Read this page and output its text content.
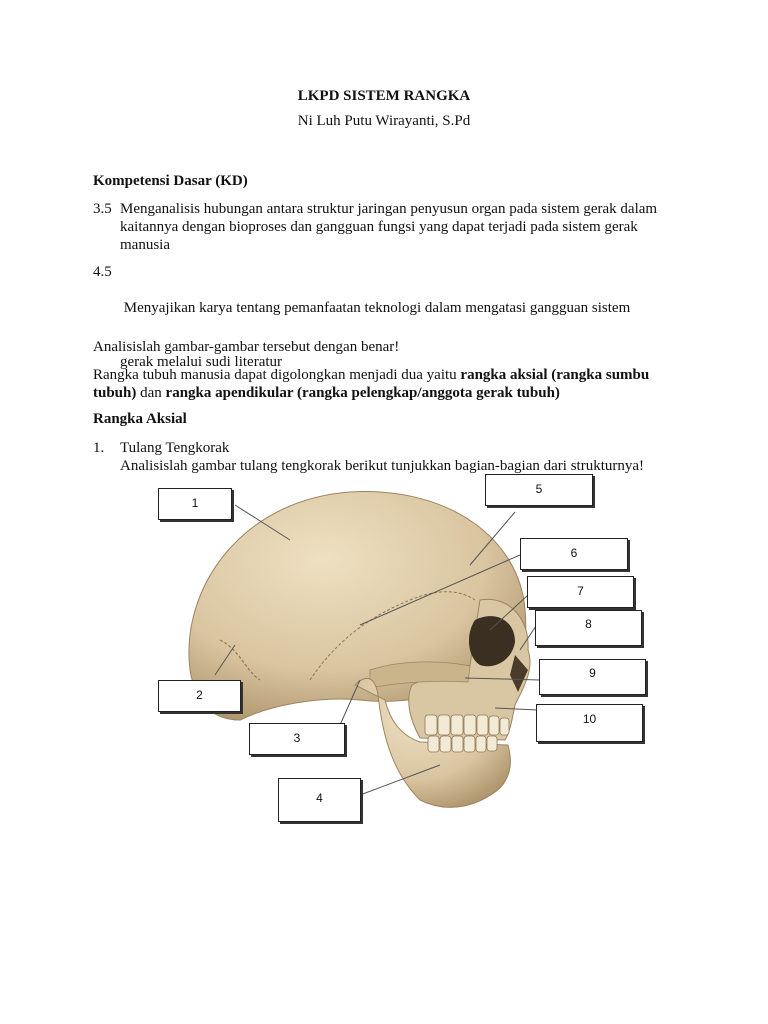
LKPD SISTEM RANGKA
Ni Luh Putu Wirayanti, S.Pd
Kompetensi Dasar (KD)
3.5 Menganalisis hubungan antara struktur jaringan penyusun organ pada sistem gerak dalam
kaitannya dengan bioproses dan gangguan fungsi yang dapat terjadi pada sistem gerak
manusia
4.5

Menyajikan karya tentang pemanfaatan teknologi dalam mengatasi gangguan sistem

gerak melalui sudi literatur

Analisislah gambar-gambar tersebut dengan benar!
Rangka tubuh manusia dapat digolongkan menjadi dua yaitu rangka aksial (rangka sumbu tubuh) dan rangka apendikular (rangka pelengkap/anggota gerak tubuh)
Rangka Aksial
1. Tulang Tengkorak
Analisislah gambar tulang tengkorak berikut tunjukkan bagian-bagian dari strukturnya!
1
2
3
4
5
6
7
8
9
10
